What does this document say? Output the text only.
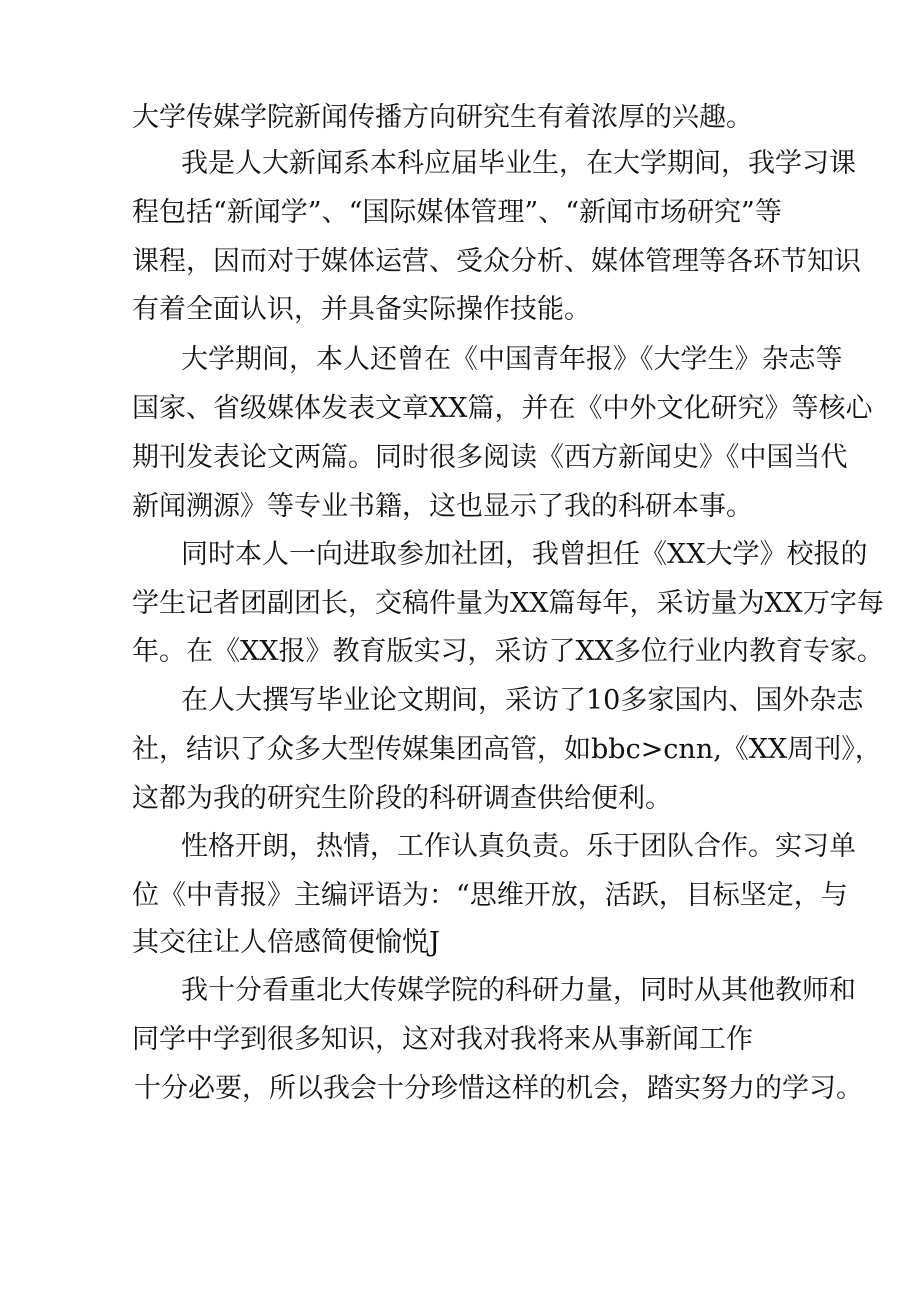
大学传媒学院新闻传播方向研究生有着浓厚的兴趣。
我是人大新闻系本科应届毕业生，在大学期间，我学习课
程包括“新闻学”、“国际媒体管理”、“新闻市场研究”等
课程，因而对于媒体运营、受众分析、媒体管理等各环节知识
有着全面认识，并具备实际操作技能。
大学期间，本人还曾在《中国青年报》《大学生》杂志等
国家、省级媒体发表文章XX篇，并在《中外文化研究》等核心
期刊发表论文两篇。同时很多阅读《西方新闻史》《中国当代
新闻溯源》等专业书籍，这也显示了我的科研本事。
同时本人一向进取参加社团，我曾担任《XX大学》校报的
学生记者团副团长，交稿件量为XX篇每年，采访量为XX万字每
年。在《XX报》教育版实习，采访了XX多位行业内教育专家。
在人大撰写毕业论文期间，采访了10多家国内、国外杂志
社，结识了众多大型传媒集团高管，如bbc>cnn,《XX周刊》，
这都为我的研究生阶段的科研调查供给便利。
性格开朗，热情，工作认真负责。乐于团队合作。实习单
位《中青报》主编评语为：“思维开放，活跃，目标坚定，与
其交往让人倍感简便愉悦J
我十分看重北大传媒学院的科研力量，同时从其他教师和
同学中学到很多知识，这对我对我将来从事新闻工作
十分必要，所以我会十分珍惜这样的机会，踏实努力的学习。
